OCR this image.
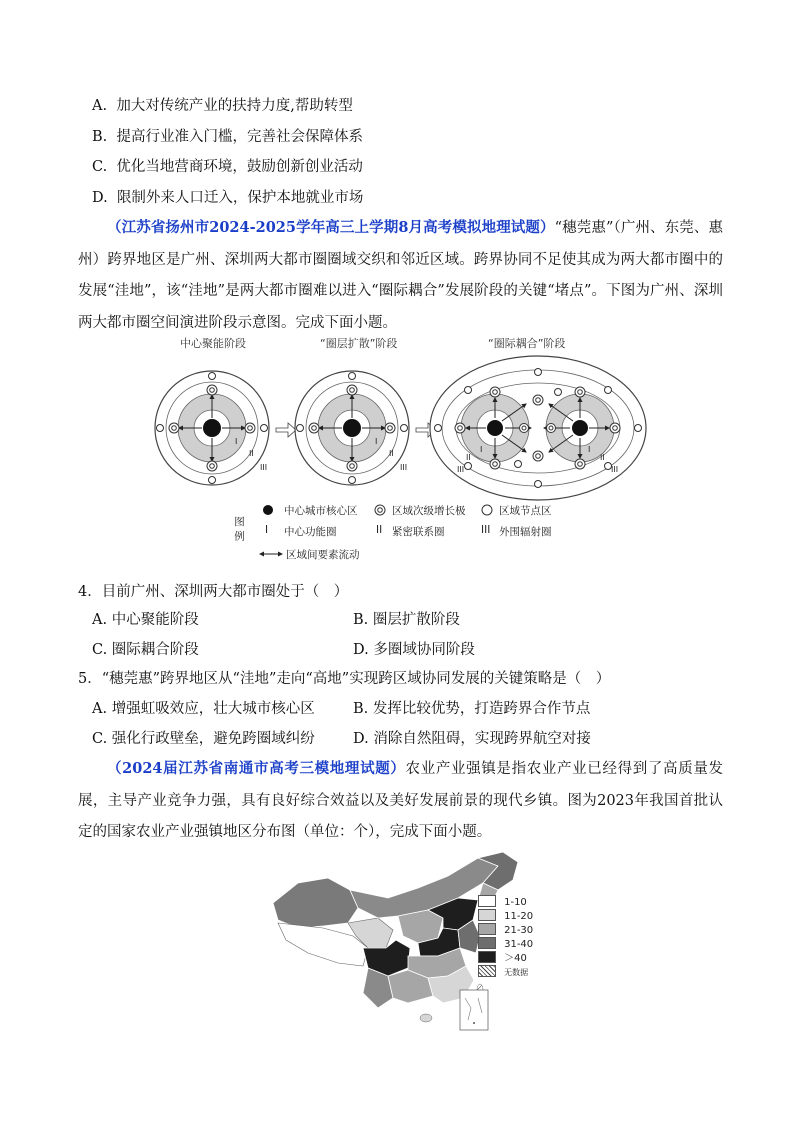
A. 加大对传统产业的扶持力度,帮助转型
B. 提高行业准入门槛，完善社会保障体系
C. 优化当地营商环境，鼓励创新创业活动
D. 限制外来人口迁入，保护本地就业市场
（江苏省扬州市2024-2025学年高三上学期8月高考模拟地理试题）“穗莞惠”（广州、东莞、惠州）跨界地区是广州、深圳两大都市圈圈域交织和邻近区域。跨界协同不足使其成为两大都市圈中的发展“洼地”，该“洼地”是两大都市圈难以进入“圈际耦合”发展阶段的关键“堵点”。下图为广州、深圳两大都市圈空间演进阶段示意图。完成下面小题。
中心聚能阶段	“圈层扩散”阶段	“圈际耦合”阶段
I
II
III
I
II
III
I
II
III
I
II
III
图例
中心城市核心区	区域次级增长极	区域节点区
I 中心功能圈	II 紧密联系圈	III 外围辐射圈
区域间要素流动
4．目前广州、深圳两大都市圈处于（　）
A. 中心聚能阶段	B. 圈层扩散阶段
C. 圈际耦合阶段	D. 多圈域协同阶段
5．“穗莞惠”跨界地区从“洼地”走向“高地”实现跨区域协同发展的关键策略是（　）
A. 增强虹吸效应，壮大城市核心区	B. 发挥比较优势，打造跨界合作节点
C. 强化行政壁垒，避免跨圈域纠纷	D. 消除自然阻碍，实现跨界航空对接
（2024届江苏省南通市高考三模地理试题）农业产业强镇是指农业产业已经得到了高质量发展，主导产业竞争力强，具有良好综合效益以及美好发展前景的现代乡镇。图为2023年我国首批认定的国家农业产业强镇地区分布图（单位：个），完成下面小题。
1-10
11-20
21-30
31-40
＞40
无数据
